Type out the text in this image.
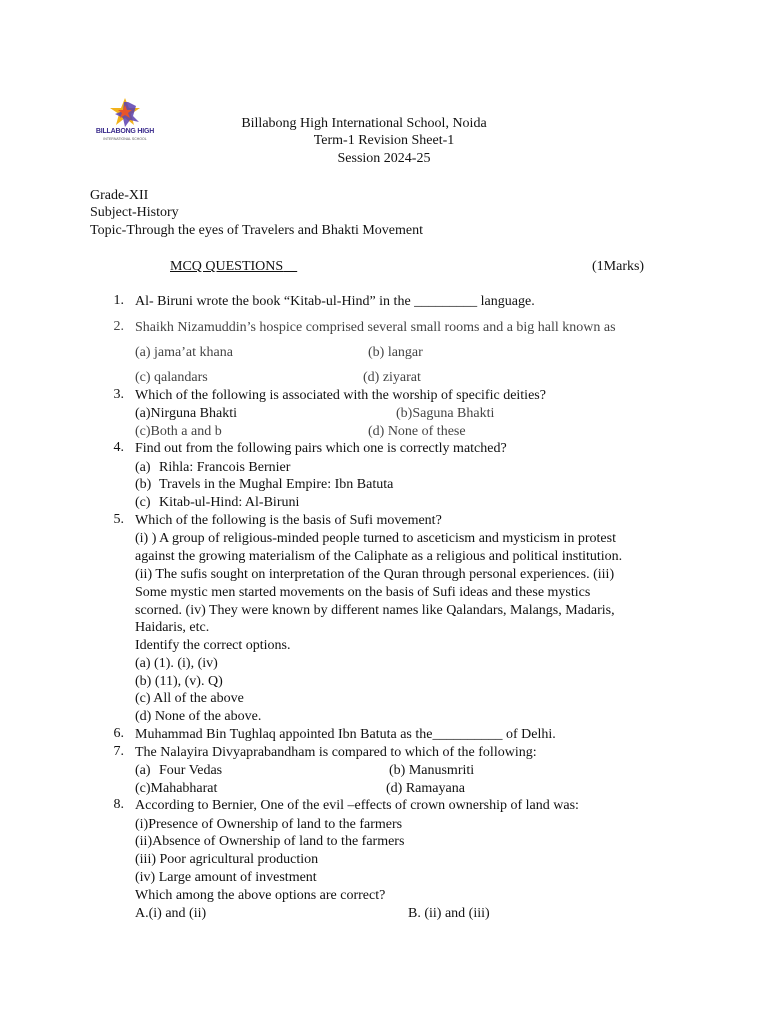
BILLABONG HIGH
INTERNATIONAL SCHOOL
Billabong High International School, Noida
Term-1 Revision Sheet-1
Session 2024-25
Grade-XII
Subject-History
Topic-Through the eyes of Travelers and Bhakti Movement
MCQ QUESTIONS	(1Marks)
1. Al- Biruni wrote the book “Kitab-ul-Hind” in the _________ language.
2. Shaikh Nizamuddin’s hospice comprised several small rooms and a big hall known as
(a) jama’at khana	(b) langar
(c) qalandars	(d) ziyarat
3. Which of the following is associated with the worship of specific deities?
(a)Nirguna Bhakti	(b)Saguna Bhakti
(c)Both a and b	(d) None of these
4. Find out from the following pairs which one is correctly matched?
(a) Rihla: Francois Bernier
(b) Travels in the Mughal Empire: Ibn Batuta
(c) Kitab-ul-Hind: Al-Biruni
5. Which of the following is the basis of Sufi movement?
(i) ) A group of religious-minded people turned to asceticism and mysticism in protest
against the growing materialism of the Caliphate as a religious and political institution.
(ii) The sufis sought on interpretation of the Quran through personal experiences. (iii)
Some mystic men started movements on the basis of Sufi ideas and these mystics
scorned. (iv) They were known by different names like Qalandars, Malangs, Madaris,
Haidaris, etc.
Identify the correct options.
(a) (1). (i), (iv)
(b) (11), (v). Q)
(c) All of the above
(d) None of the above.
6. Muhammad Bin Tughlaq appointed Ibn Batuta as the__________ of Delhi.
7. The Nalayira Divyaprabandham is compared to which of the following:
(a) Four Vedas	(b) Manusmriti
(c)Mahabharat	(d) Ramayana
8. According to Bernier, One of the evil –effects of crown ownership of land was:
(i)Presence of Ownership of land to the farmers
(ii)Absence of Ownership of land to the farmers
(iii) Poor agricultural production
(iv) Large amount of investment
Which among the above options are correct?
A.(i) and (ii)	B. (ii) and (iii)
